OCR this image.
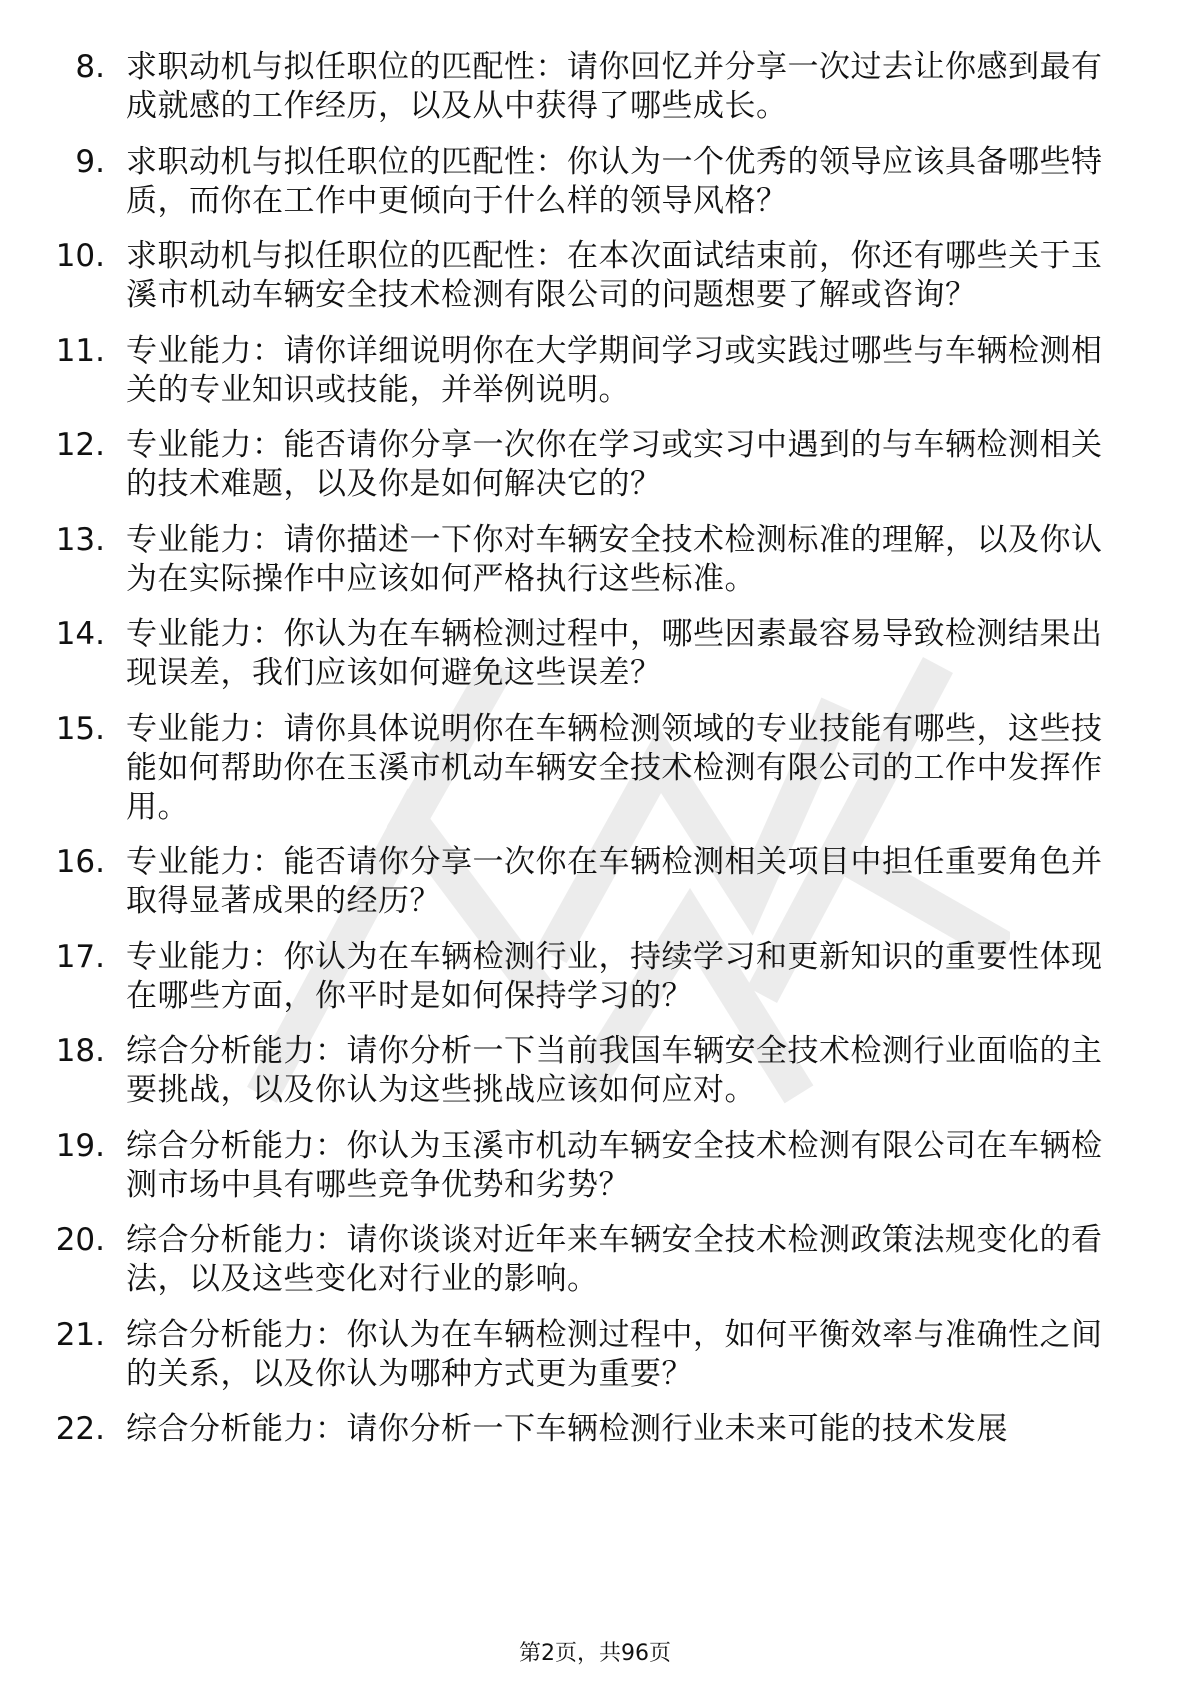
8. 求职动机与拟任职位的匹配性：请你回忆并分享一次过去让你感到最有成就感的工作经历，以及从中获得了哪些成长。
9. 求职动机与拟任职位的匹配性：你认为一个优秀的领导应该具备哪些特质，而你在工作中更倾向于什么样的领导风格？
10. 求职动机与拟任职位的匹配性：在本次面试结束前，你还有哪些关于玉溪市机动车辆安全技术检测有限公司的问题想要了解或咨询？
11. 专业能力：请你详细说明你在大学期间学习或实践过哪些与车辆检测相关的专业知识或技能，并举例说明。
12. 专业能力：能否请你分享一次你在学习或实习中遇到的与车辆检测相关的技术难题，以及你是如何解决它的？
13. 专业能力：请你描述一下你对车辆安全技术检测标准的理解，以及你认为在实际操作中应该如何严格执行这些标准。
14. 专业能力：你认为在车辆检测过程中，哪些因素最容易导致检测结果出现误差，我们应该如何避免这些误差？
15. 专业能力：请你具体说明你在车辆检测领域的专业技能有哪些，这些技能如何帮助你在玉溪市机动车辆安全技术检测有限公司的工作中发挥作用。
16. 专业能力：能否请你分享一次你在车辆检测相关项目中担任重要角色并取得显著成果的经历？
17. 专业能力：你认为在车辆检测行业，持续学习和更新知识的重要性体现在哪些方面，你平时是如何保持学习的？
18. 综合分析能力：请你分析一下当前我国车辆安全技术检测行业面临的主要挑战，以及你认为这些挑战应该如何应对。
19. 综合分析能力：你认为玉溪市机动车辆安全技术检测有限公司在车辆检测市场中具有哪些竞争优势和劣势？
20. 综合分析能力：请你谈谈对近年来车辆安全技术检测政策法规变化的看法，以及这些变化对行业的影响。
21. 综合分析能力：你认为在车辆检测过程中，如何平衡效率与准确性之间的关系，以及你认为哪种方式更为重要？
22. 综合分析能力：请你分析一下车辆检测行业未来可能的技术发展
第2页，共96页
